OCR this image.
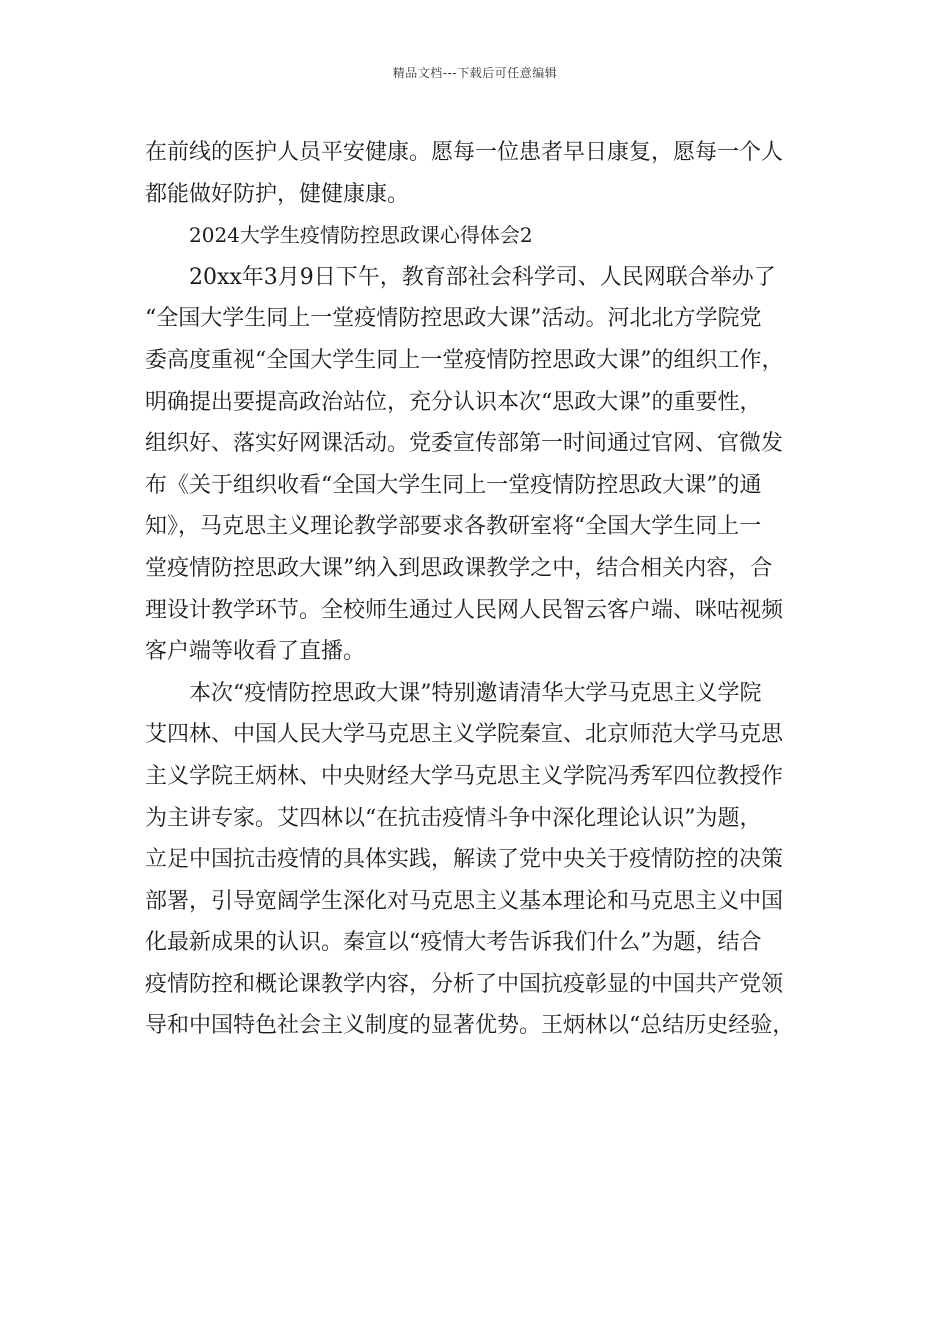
精品文档---下载后可任意编辑
在前线的医护人员平安健康。愿每一位患者早日康复，愿每一个人
都能做好防护，健健康康。
2024大学生疫情防控思政课心得体会2
20xx年3月9日下午，教育部社会科学司、人民网联合举办了
“全国大学生同上一堂疫情防控思政大课”活动。河北北方学院党
委高度重视“全国大学生同上一堂疫情防控思政大课”的组织工作，
明确提出要提高政治站位，充分认识本次“思政大课”的重要性，
组织好、落实好网课活动。党委宣传部第一时间通过官网、官微发
布《关于组织收看“全国大学生同上一堂疫情防控思政大课”的通
知》，马克思主义理论教学部要求各教研室将“全国大学生同上一
堂疫情防控思政大课”纳入到思政课教学之中，结合相关内容，合
理设计教学环节。全校师生通过人民网人民智云客户端、咪咕视频
客户端等收看了直播。
本次“疫情防控思政大课”特别邀请清华大学马克思主义学院
艾四林、中国人民大学马克思主义学院秦宣、北京师范大学马克思
主义学院王炳林、中央财经大学马克思主义学院冯秀军四位教授作
为主讲专家。艾四林以“在抗击疫情斗争中深化理论认识”为题，
立足中国抗击疫情的具体实践，解读了党中央关于疫情防控的决策
部署，引导宽阔学生深化对马克思主义基本理论和马克思主义中国
化最新成果的认识。秦宣以“疫情大考告诉我们什么”为题，结合
疫情防控和概论课教学内容，分析了中国抗疫彰显的中国共产党领
导和中国特色社会主义制度的显著优势。王炳林以“总结历史经验，
